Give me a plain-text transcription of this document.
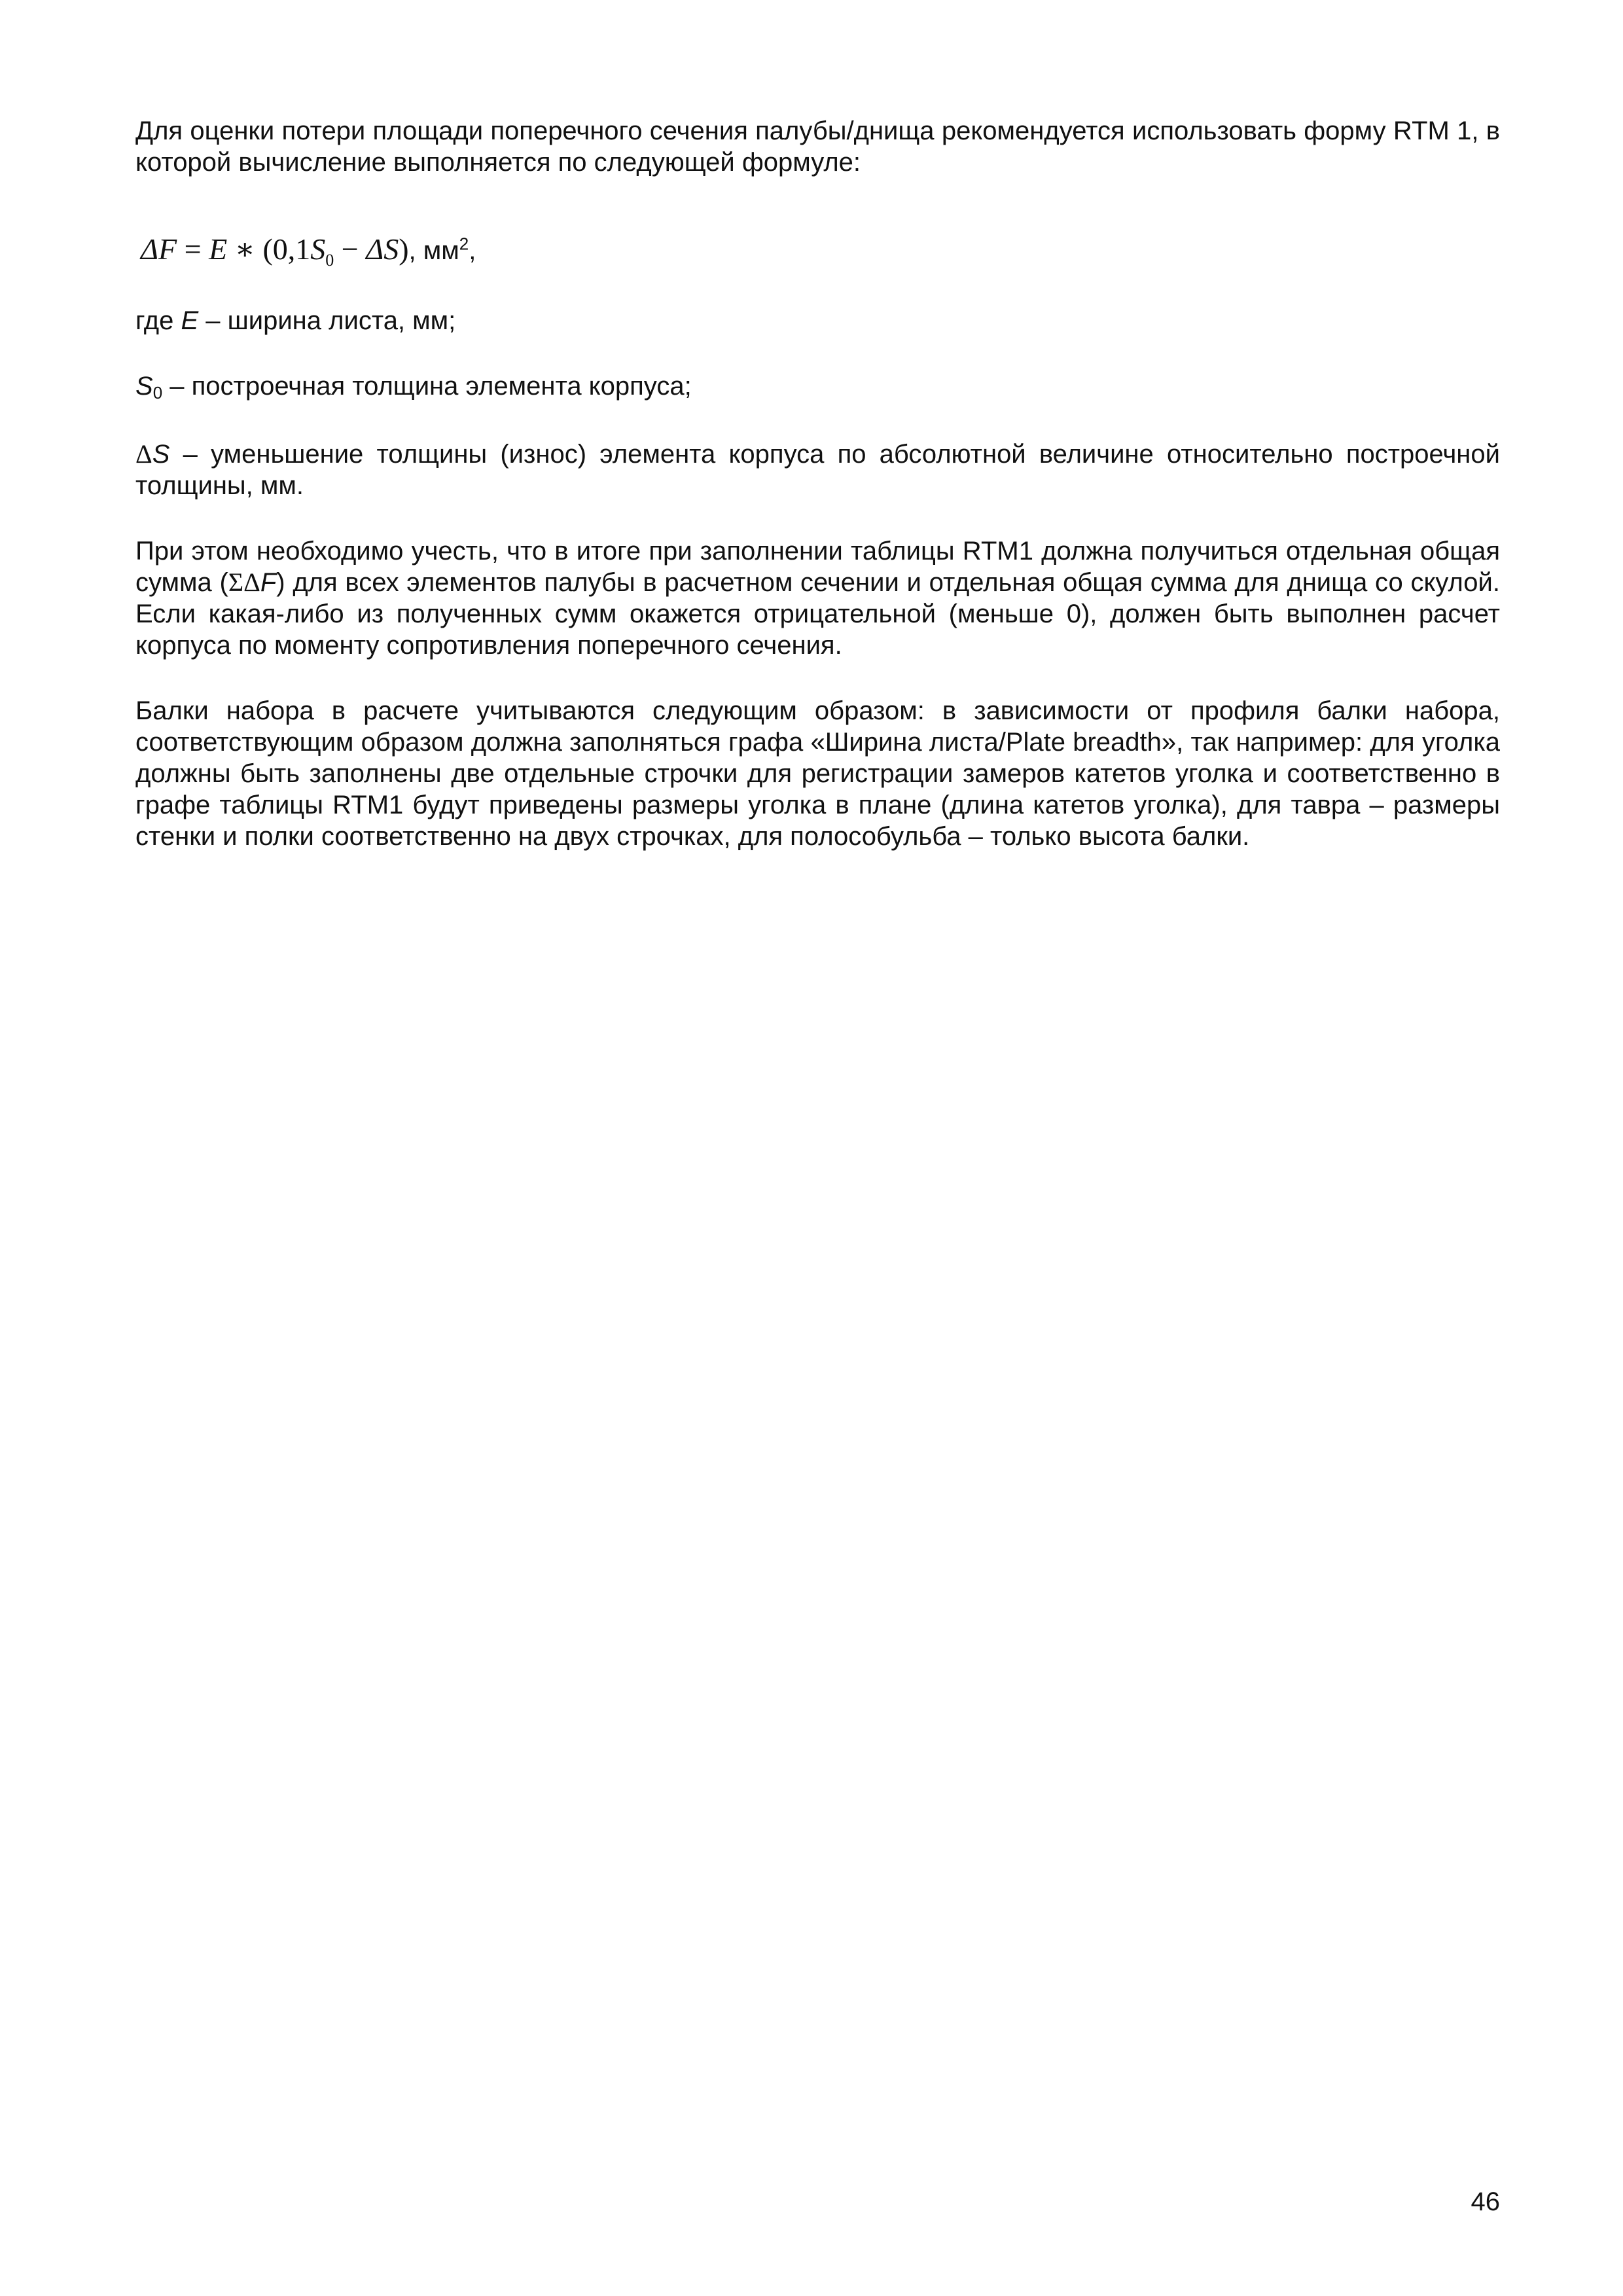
Для оценки потери площади поперечного сечения палубы/днища рекомендуется использовать форму RTM 1, в которой вычисление выполняется по следующей формуле:

ΔF = E ∗ $(0,1S_0 - \Delta S)$, $мм^2$,

где E – ширина листа, мм;

S0 – построечная толщина элемента корпуса;

ΔS – уменьшение толщины (износ) элемента корпуса по абсолютной величине относительно построечной толщины, мм.

При этом необходимо учесть, что в итоге при заполнении таблицы RTM1 должна получиться отдельная общая сумма (ΣΔF) для всех элементов палубы в расчетном сечении и отдельная общая сумма для днища со скулой. Если какая-либо из полученных сумм окажется отрицательной (меньше 0), должен быть выполнен расчет корпуса по моменту сопротивления поперечного сечения.

Балки набора в расчете учитываются следующим образом: в зависимости от профиля балки набора, соответствующим образом должна заполняться графа «Ширина листа/Plate breadth», так например: для уголка должны быть заполнены две отдельные строчки для регистрации замеров катетов уголка и соответственно в графе таблицы RTM1 будут приведены размеры уголка в плане (длина катетов уголка), для тавра – размеры стенки и полки соответственно на двух строчках, для полособульба – только высота балки.

46
